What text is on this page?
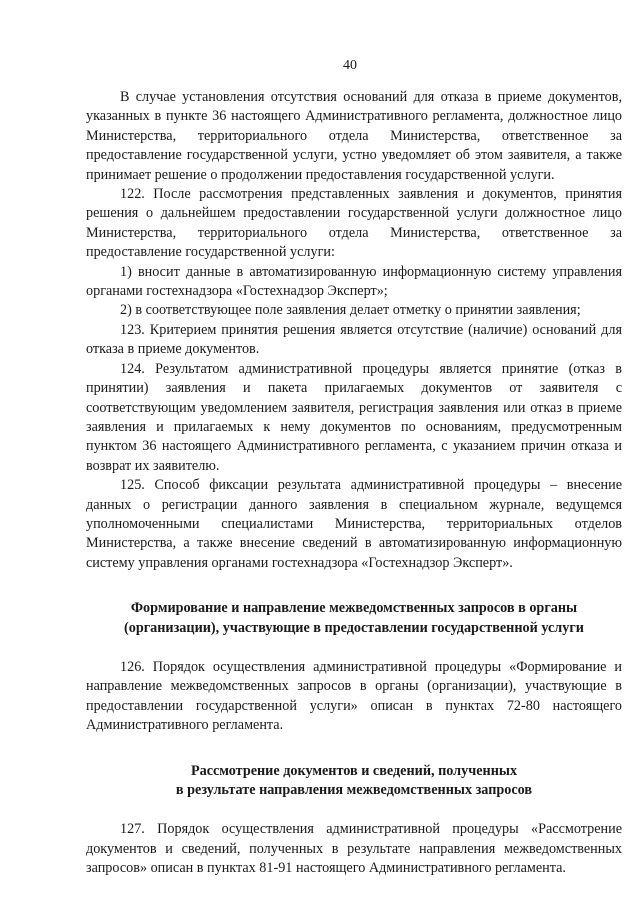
40

В случае установления отсутствия оснований для отказа в приеме документов, указанных в пункте 36 настоящего Административного регламента, должностное лицо Министерства, территориального отдела Министерства, ответственное за предоставление государственной услуги, устно уведомляет об этом заявителя, а также принимает решение о продолжении предоставления государственной услуги.

122. После рассмотрения представленных заявления и документов, принятия решения о дальнейшем предоставлении государственной услуги должностное лицо Министерства, территориального отдела Министерства, ответственное за предоставление государственной услуги:

1) вносит данные в автоматизированную информационную систему управления органами гостехнадзора «Гостехнадзор Эксперт»;

2) в соответствующее поле заявления делает отметку о принятии заявления;

123. Критерием принятия решения является отсутствие (наличие) оснований для отказа в приеме документов.

124. Результатом административной процедуры является принятие (отказ в принятии) заявления и пакета прилагаемых документов от заявителя с соответствующим уведомлением заявителя, регистрация заявления или отказ в приеме заявления и прилагаемых к нему документов по основаниям, предусмотренным пунктом 36 настоящего Административного регламента, с указанием причин отказа и возврат их заявителю.

125. Способ фиксации результата административной процедуры – внесение данных о регистрации данного заявления в специальном журнале, ведущемся уполномоченными специалистами Министерства, территориальных отделов Министерства, а также внесение сведений в автоматизированную информационную систему управления органами гостехнадзора «Гостехнадзор Эксперт».

Формирование и направление межведомственных запросов в органы

(организации), участвующие в предоставлении государственной услуги

126. Порядок осуществления административной процедуры «Формирование и направление межведомственных запросов в органы (организации), участвующие в предоставлении государственной услуги» описан в пунктах 72-80 настоящего Административного регламента.

Рассмотрение документов и сведений, полученных

в результате направления межведомственных запросов

127. Порядок осуществления административной процедуры «Рассмотрение документов и сведений, полученных в результате направления межведомственных запросов» описан в пунктах 81-91 настоящего Административного регламента.
